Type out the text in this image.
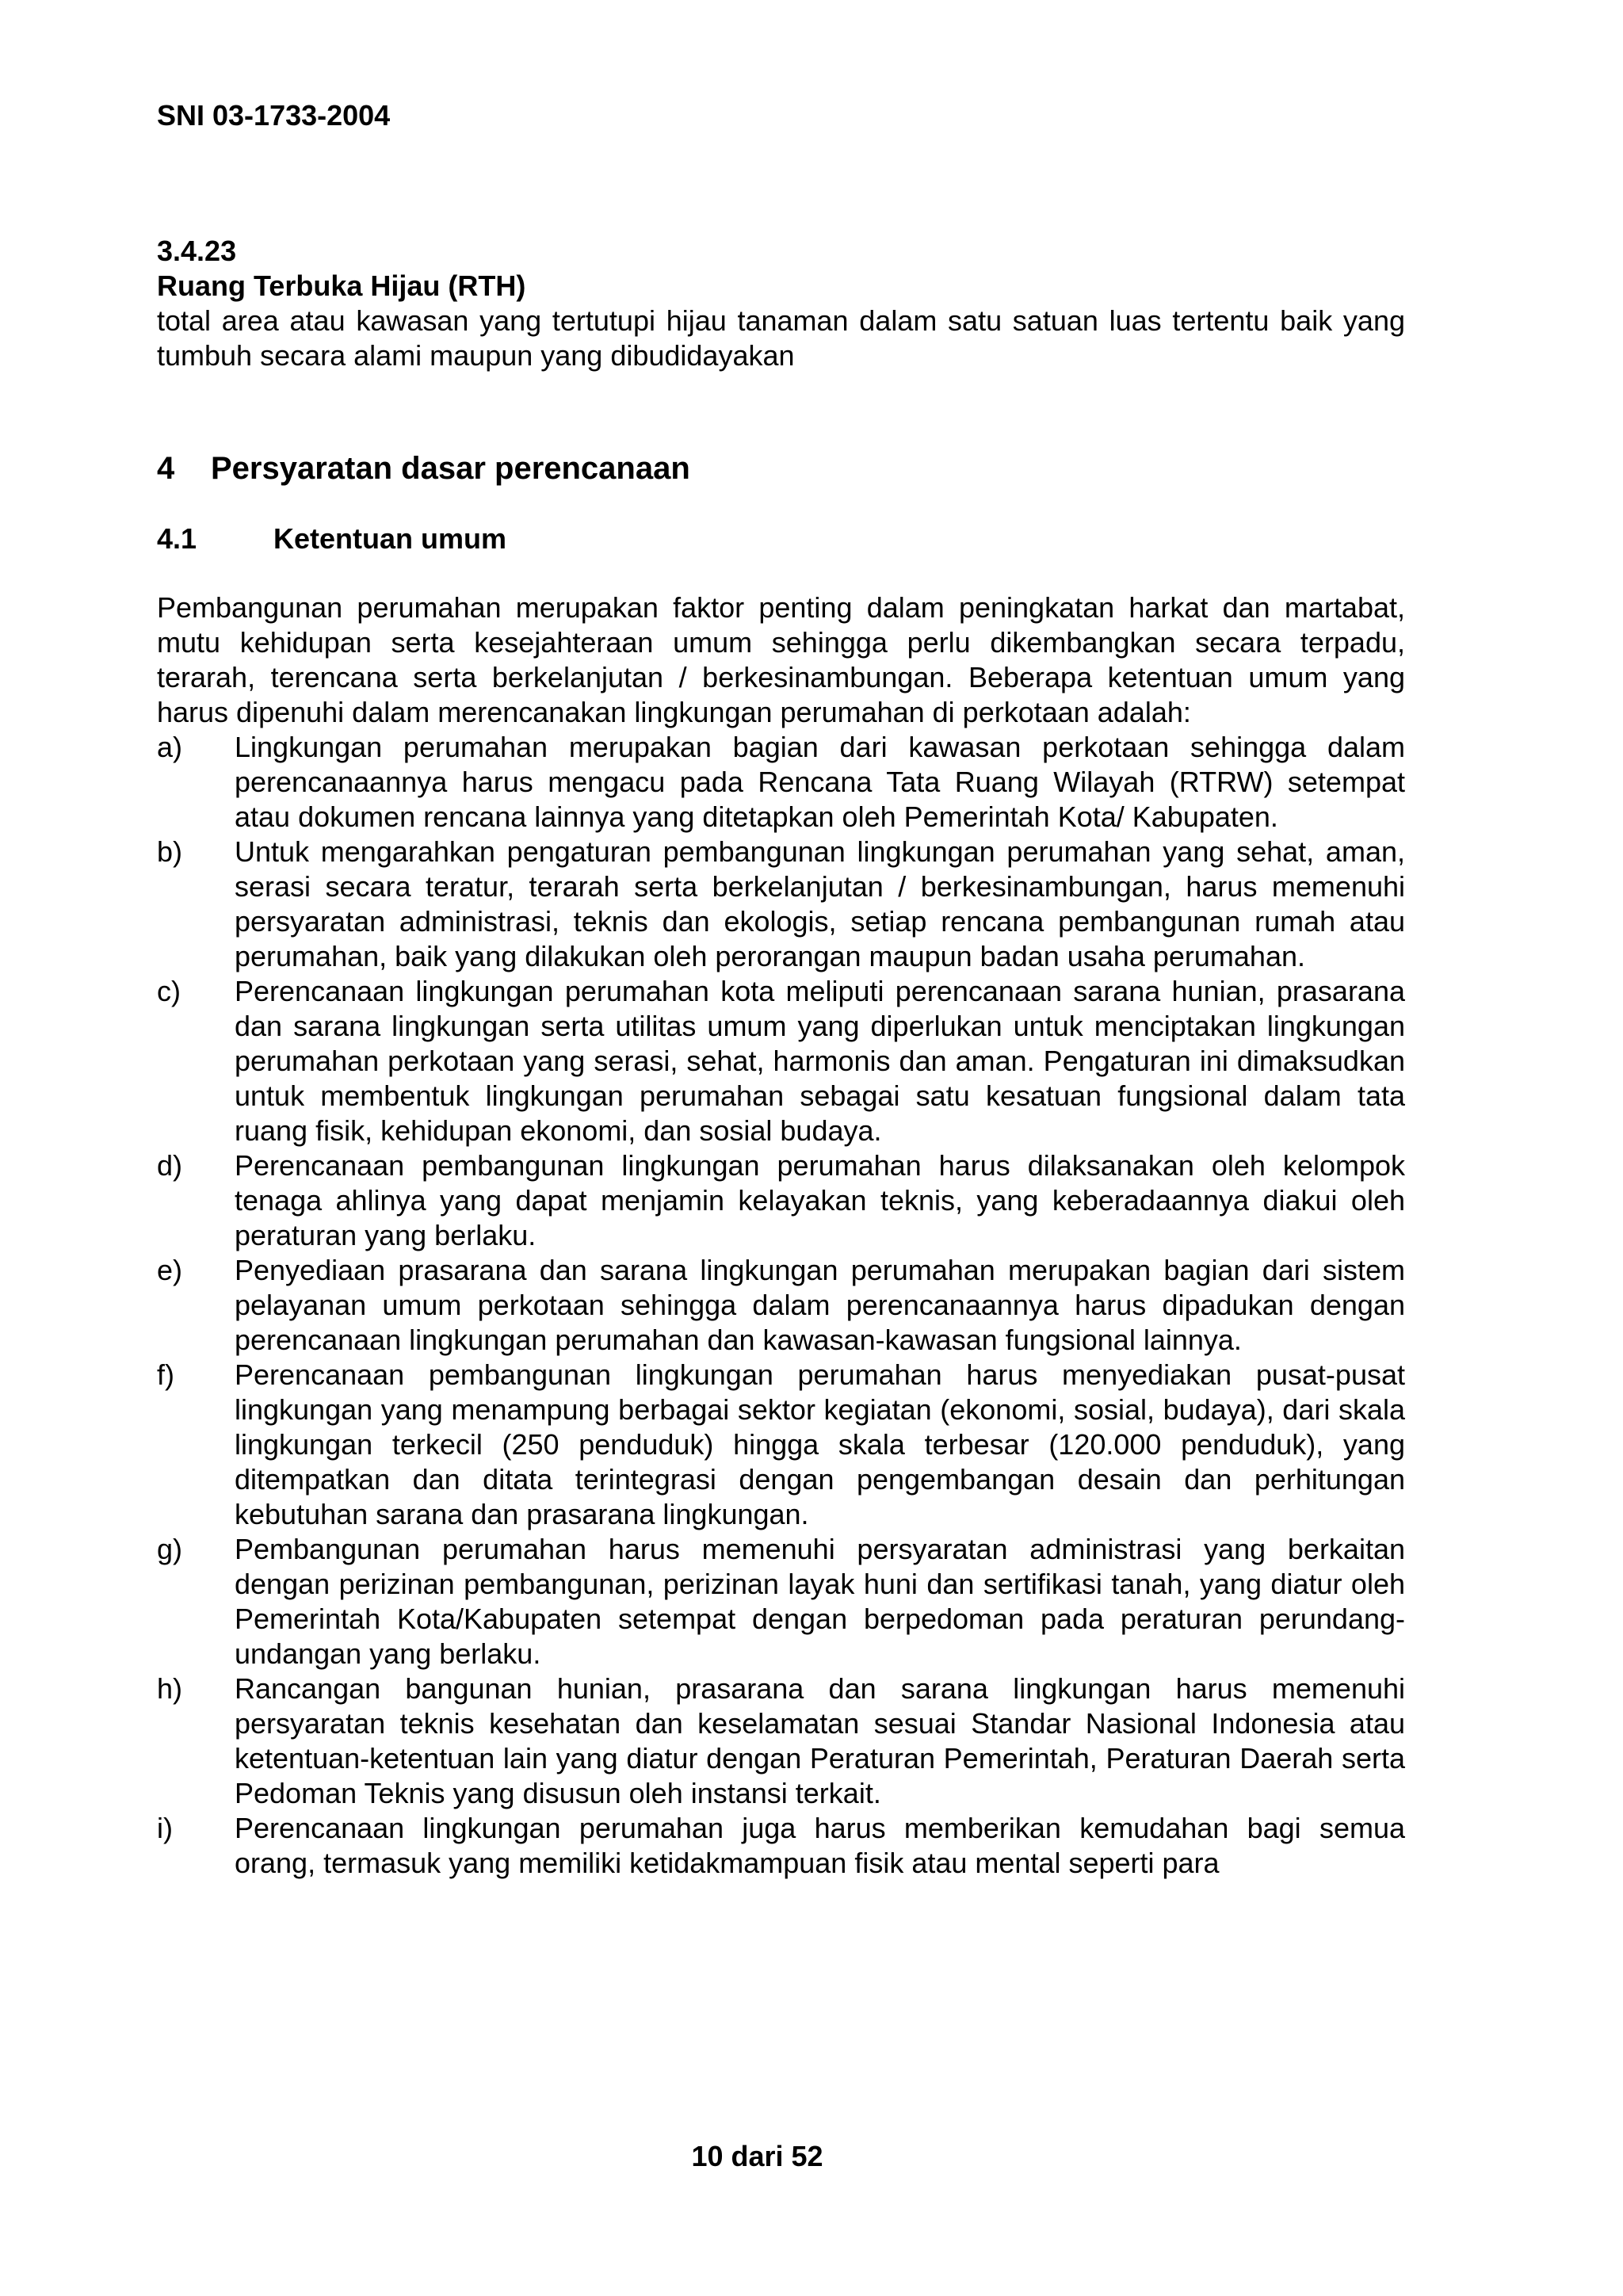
SNI 03-1733-2004
3.4.23
Ruang Terbuka Hijau (RTH)
total area atau kawasan yang tertutupi hijau tanaman dalam satu satuan luas tertentu baik yang tumbuh secara alami maupun yang dibudidayakan
4	Persyaratan dasar perencanaan
4.1	Ketentuan umum

Pembangunan perumahan merupakan faktor penting dalam peningkatan harkat dan martabat, mutu kehidupan serta kesejahteraan umum sehingga perlu dikembangkan secara terpadu, terarah, terencana serta berkelanjutan / berkesinambungan. Beberapa ketentuan umum yang harus dipenuhi dalam merencanakan lingkungan perumahan di perkotaan adalah:

a)	Lingkungan perumahan merupakan bagian dari kawasan perkotaan sehingga dalam perencanaannya harus mengacu pada Rencana Tata Ruang Wilayah (RTRW) setempat atau dokumen rencana lainnya yang ditetapkan oleh Pemerintah Kota/ Kabupaten.
b)	Untuk mengarahkan pengaturan pembangunan lingkungan perumahan yang sehat, aman, serasi secara teratur, terarah serta berkelanjutan / berkesinambungan, harus memenuhi persyaratan administrasi, teknis dan ekologis, setiap rencana pembangunan rumah atau perumahan, baik yang dilakukan oleh perorangan maupun badan usaha perumahan.
c)	Perencanaan lingkungan perumahan kota meliputi perencanaan sarana hunian, prasarana dan sarana lingkungan serta utilitas umum yang diperlukan untuk menciptakan lingkungan perumahan perkotaan yang serasi, sehat, harmonis dan aman. Pengaturan ini dimaksudkan untuk membentuk lingkungan perumahan sebagai satu kesatuan fungsional dalam tata ruang fisik, kehidupan ekonomi, dan sosial budaya.
d)	Perencanaan pembangunan lingkungan perumahan harus dilaksanakan oleh kelompok tenaga ahlinya yang dapat menjamin kelayakan teknis, yang keberadaannya diakui oleh peraturan yang berlaku.
e)	Penyediaan prasarana dan sarana lingkungan perumahan merupakan bagian dari sistem pelayanan umum perkotaan sehingga dalam perencanaannya harus dipadukan dengan perencanaan lingkungan perumahan dan kawasan-kawasan fungsional lainnya.
f)	Perencanaan pembangunan lingkungan perumahan harus menyediakan pusat-pusat lingkungan yang menampung berbagai sektor kegiatan (ekonomi, sosial, budaya), dari skala lingkungan terkecil (250 penduduk) hingga skala terbesar (120.000 penduduk), yang ditempatkan dan ditata terintegrasi dengan pengembangan desain dan perhitungan kebutuhan sarana dan prasarana lingkungan.
g)	Pembangunan perumahan harus memenuhi persyaratan administrasi yang berkaitan dengan perizinan pembangunan, perizinan layak huni dan sertifikasi tanah, yang diatur oleh Pemerintah Kota/Kabupaten setempat dengan berpedoman pada peraturan perundang-undangan yang berlaku.
h)	Rancangan bangunan hunian, prasarana dan sarana lingkungan harus memenuhi persyaratan teknis kesehatan dan keselamatan sesuai Standar Nasional Indonesia atau ketentuan-ketentuan lain yang diatur dengan Peraturan Pemerintah, Peraturan Daerah serta Pedoman Teknis yang disusun oleh instansi terkait.
i)	Perencanaan lingkungan perumahan juga harus memberikan kemudahan bagi semua orang, termasuk yang memiliki ketidakmampuan fisik atau mental seperti para
10 dari 52
